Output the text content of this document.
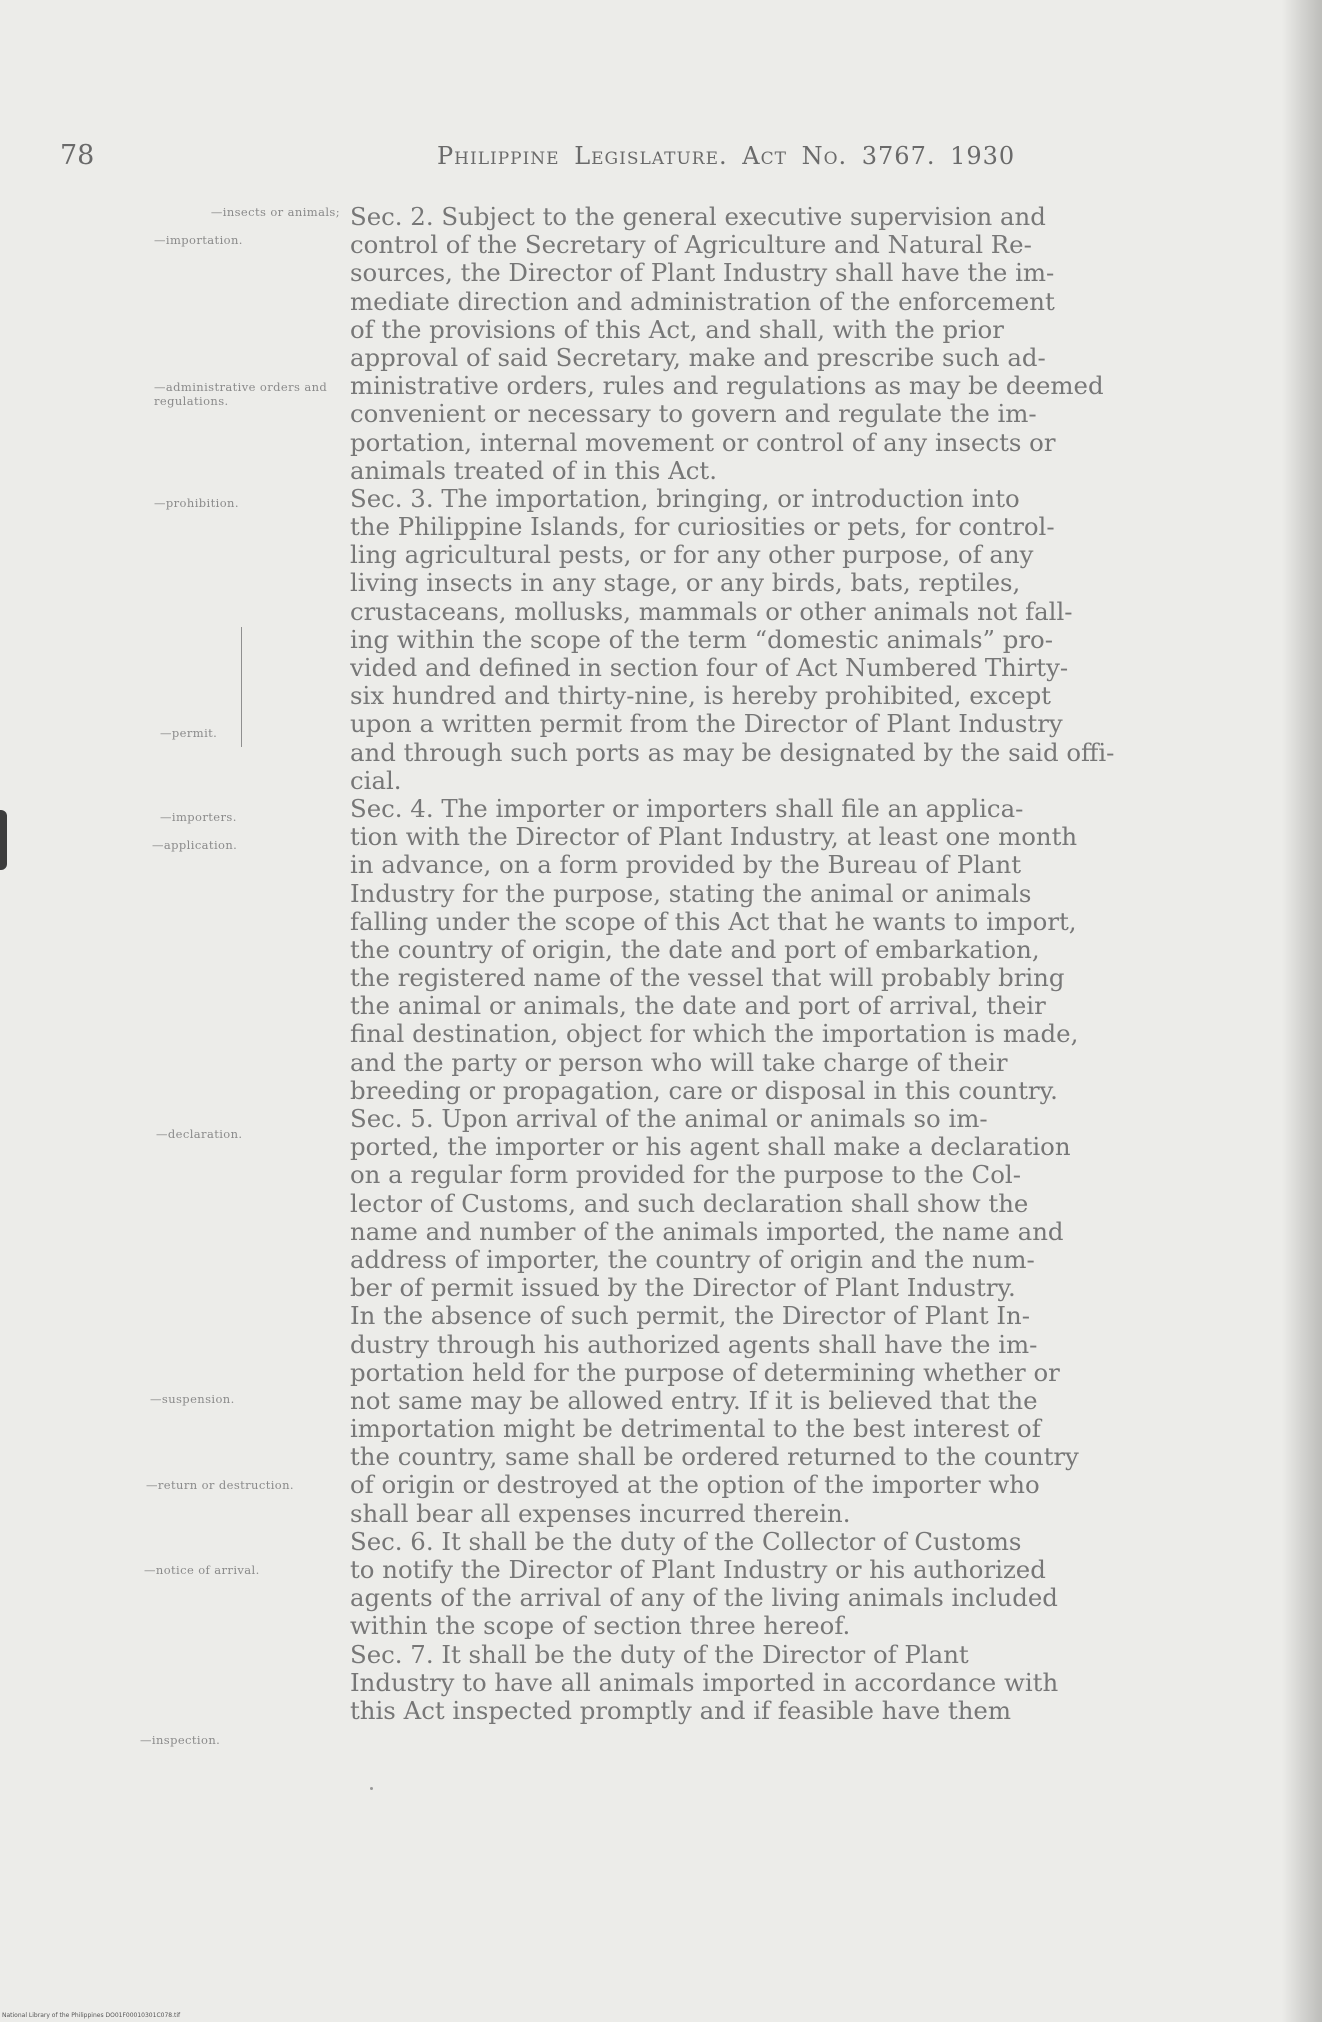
78	Philippine Legislature. Act No. 3767. 1930
—insects or animals;
—importation.
—administrative orders and regulations.
—prohibition.
—permit.
—importers.
—application.
—declaration.
—suspension.
—return or destruction.
—notice of arrival.
—inspection.
Sec. 2. Subject to the general executive supervision and
control of the Secretary of Agriculture and Natural Re-
sources, the Director of Plant Industry shall have the im-
mediate direction and administration of the enforcement
of the provisions of this Act, and shall, with the prior
approval of said Secretary, make and prescribe such ad-
ministrative orders, rules and regulations as may be deemed
convenient or necessary to govern and regulate the im-
portation, internal movement or control of any insects or
animals treated of in this Act.
Sec. 3. The importation, bringing, or introduction into
the Philippine Islands, for curiosities or pets, for control-
ling agricultural pests, or for any other purpose, of any
living insects in any stage, or any birds, bats, reptiles,
crustaceans, mollusks, mammals or other animals not fall-
ing within the scope of the term “domestic animals” pro-
vided and defined in section four of Act Numbered Thirty-
six hundred and thirty-nine, is hereby prohibited, except
upon a written permit from the Director of Plant Industry
and through such ports as may be designated by the said offi-
cial.
Sec. 4. The importer or importers shall file an applica-
tion with the Director of Plant Industry, at least one month
in advance, on a form provided by the Bureau of Plant
Industry for the purpose, stating the animal or animals
falling under the scope of this Act that he wants to import,
the country of origin, the date and port of embarkation,
the registered name of the vessel that will probably bring
the animal or animals, the date and port of arrival, their
final destination, object for which the importation is made,
and the party or person who will take charge of their
breeding or propagation, care or disposal in this country.
Sec. 5. Upon arrival of the animal or animals so im-
ported, the importer or his agent shall make a declaration
on a regular form provided for the purpose to the Col-
lector of Customs, and such declaration shall show the
name and number of the animals imported, the name and
address of importer, the country of origin and the num-
ber of permit issued by the Director of Plant Industry.
In the absence of such permit, the Director of Plant In-
dustry through his authorized agents shall have the im-
portation held for the purpose of determining whether or
not same may be allowed entry. If it is believed that the
importation might be detrimental to the best interest of
the country, same shall be ordered returned to the country
of origin or destroyed at the option of the importer who
shall bear all expenses incurred therein.
Sec. 6. It shall be the duty of the Collector of Customs
to notify the Director of Plant Industry or his authorized
agents of the arrival of any of the living animals included
within the scope of section three hereof.
Sec. 7. It shall be the duty of the Director of Plant
Industry to have all animals imported in accordance with
this Act inspected promptly and if feasible have them
National Library of the Philippines DO01F00010301C078.tif
